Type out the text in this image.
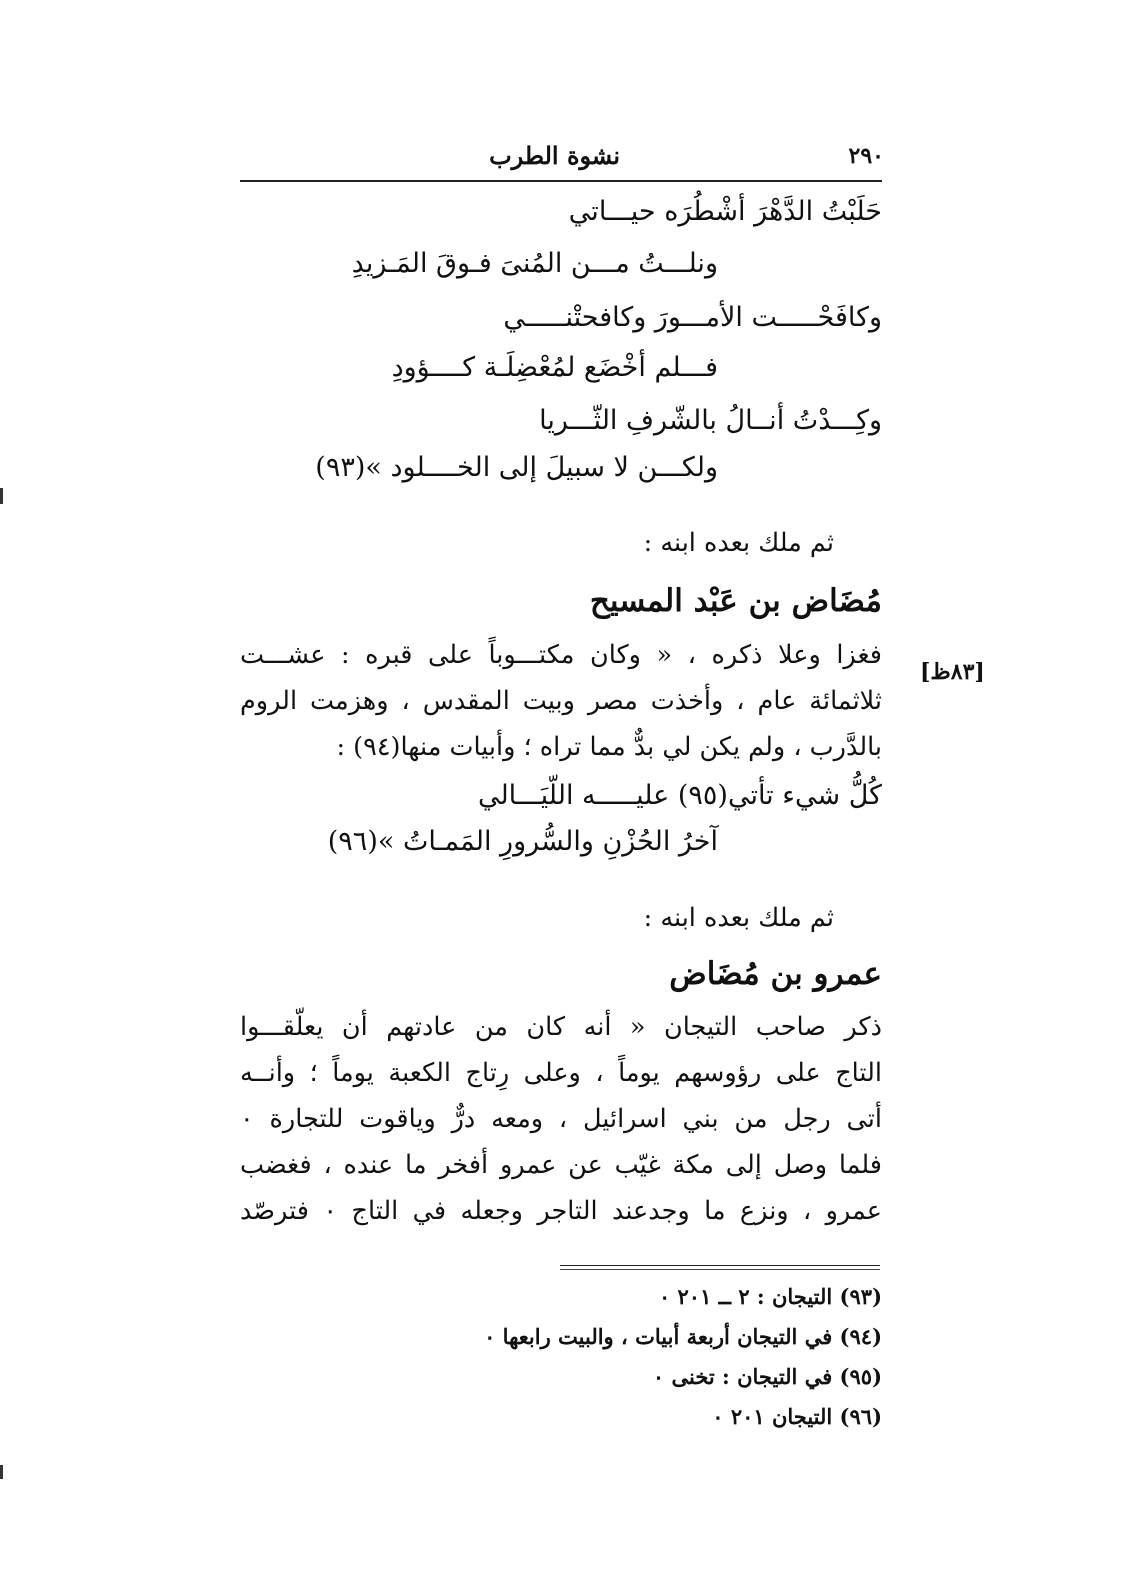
٢٩٠
نشوة الطرب
حَلَبْتُ الدَّهْرَ أشْطُرَه حيـــاتي
ونلـــتُ مـــن المُنىَ فـوقَ المَـزيدِ
وكافَحْـــــت الأمـــورَ وكافحتْنـــــي
فـــلم أخْضَع لمُعْضِلَـة كــــؤودِ
وكِـــدْتُ أنــالُ بالشّرفِ الثّـــريا
ولكـــن لا سبيلَ إلى الخــــلود »(٩٣)
ثم ملك بعده ابنه :
مُضَاض بن عَبْد المسيح
[٨٣ظ]
فغزا وعلا ذكره ، « وكان مكتـــوباً على قبره : عشـــت
ثلاثمائة عام ، وأخذت مصر وبيت المقدس ، وهزمت الروم
بالدَّرب ، ولم يكن لي بدٌّ مما تراه ؛ وأبيات منها(٩٤) :
كُلُّ شيء تأتي(٩٥) عليـــــه اللّيَـــالي
آخرُ الحُزْنِ والسُّرورِ المَمـاتُ »(٩٦)
ثم ملك بعده ابنه :
عمرو بن مُضَاض
ذكر صاحب التيجان « أنه كان من عادتهم أن يعلّقـــوا
التاج على رؤوسهم يوماً ، وعلى رِتاج الكعبة يوماً ؛ وأنــه
أتى رجل من بني اسرائيل ، ومعه درٌّ وياقوت للتجارة ٠
فلما وصل إلى مكة غيّب عن عمرو أفخر ما عنده ، فغضب
عمرو ، ونزع ما وجدعند التاجر وجعله في التاج ٠ فترصّد
(٩٣) التيجان : ٢ ــ ٢٠١ ٠
(٩٤) في التيجان أربعة أبيات ، والبيت رابعها ٠
(٩٥) في التيجان : تخنى ٠
(٩٦) التيجان ٢٠١ ٠
